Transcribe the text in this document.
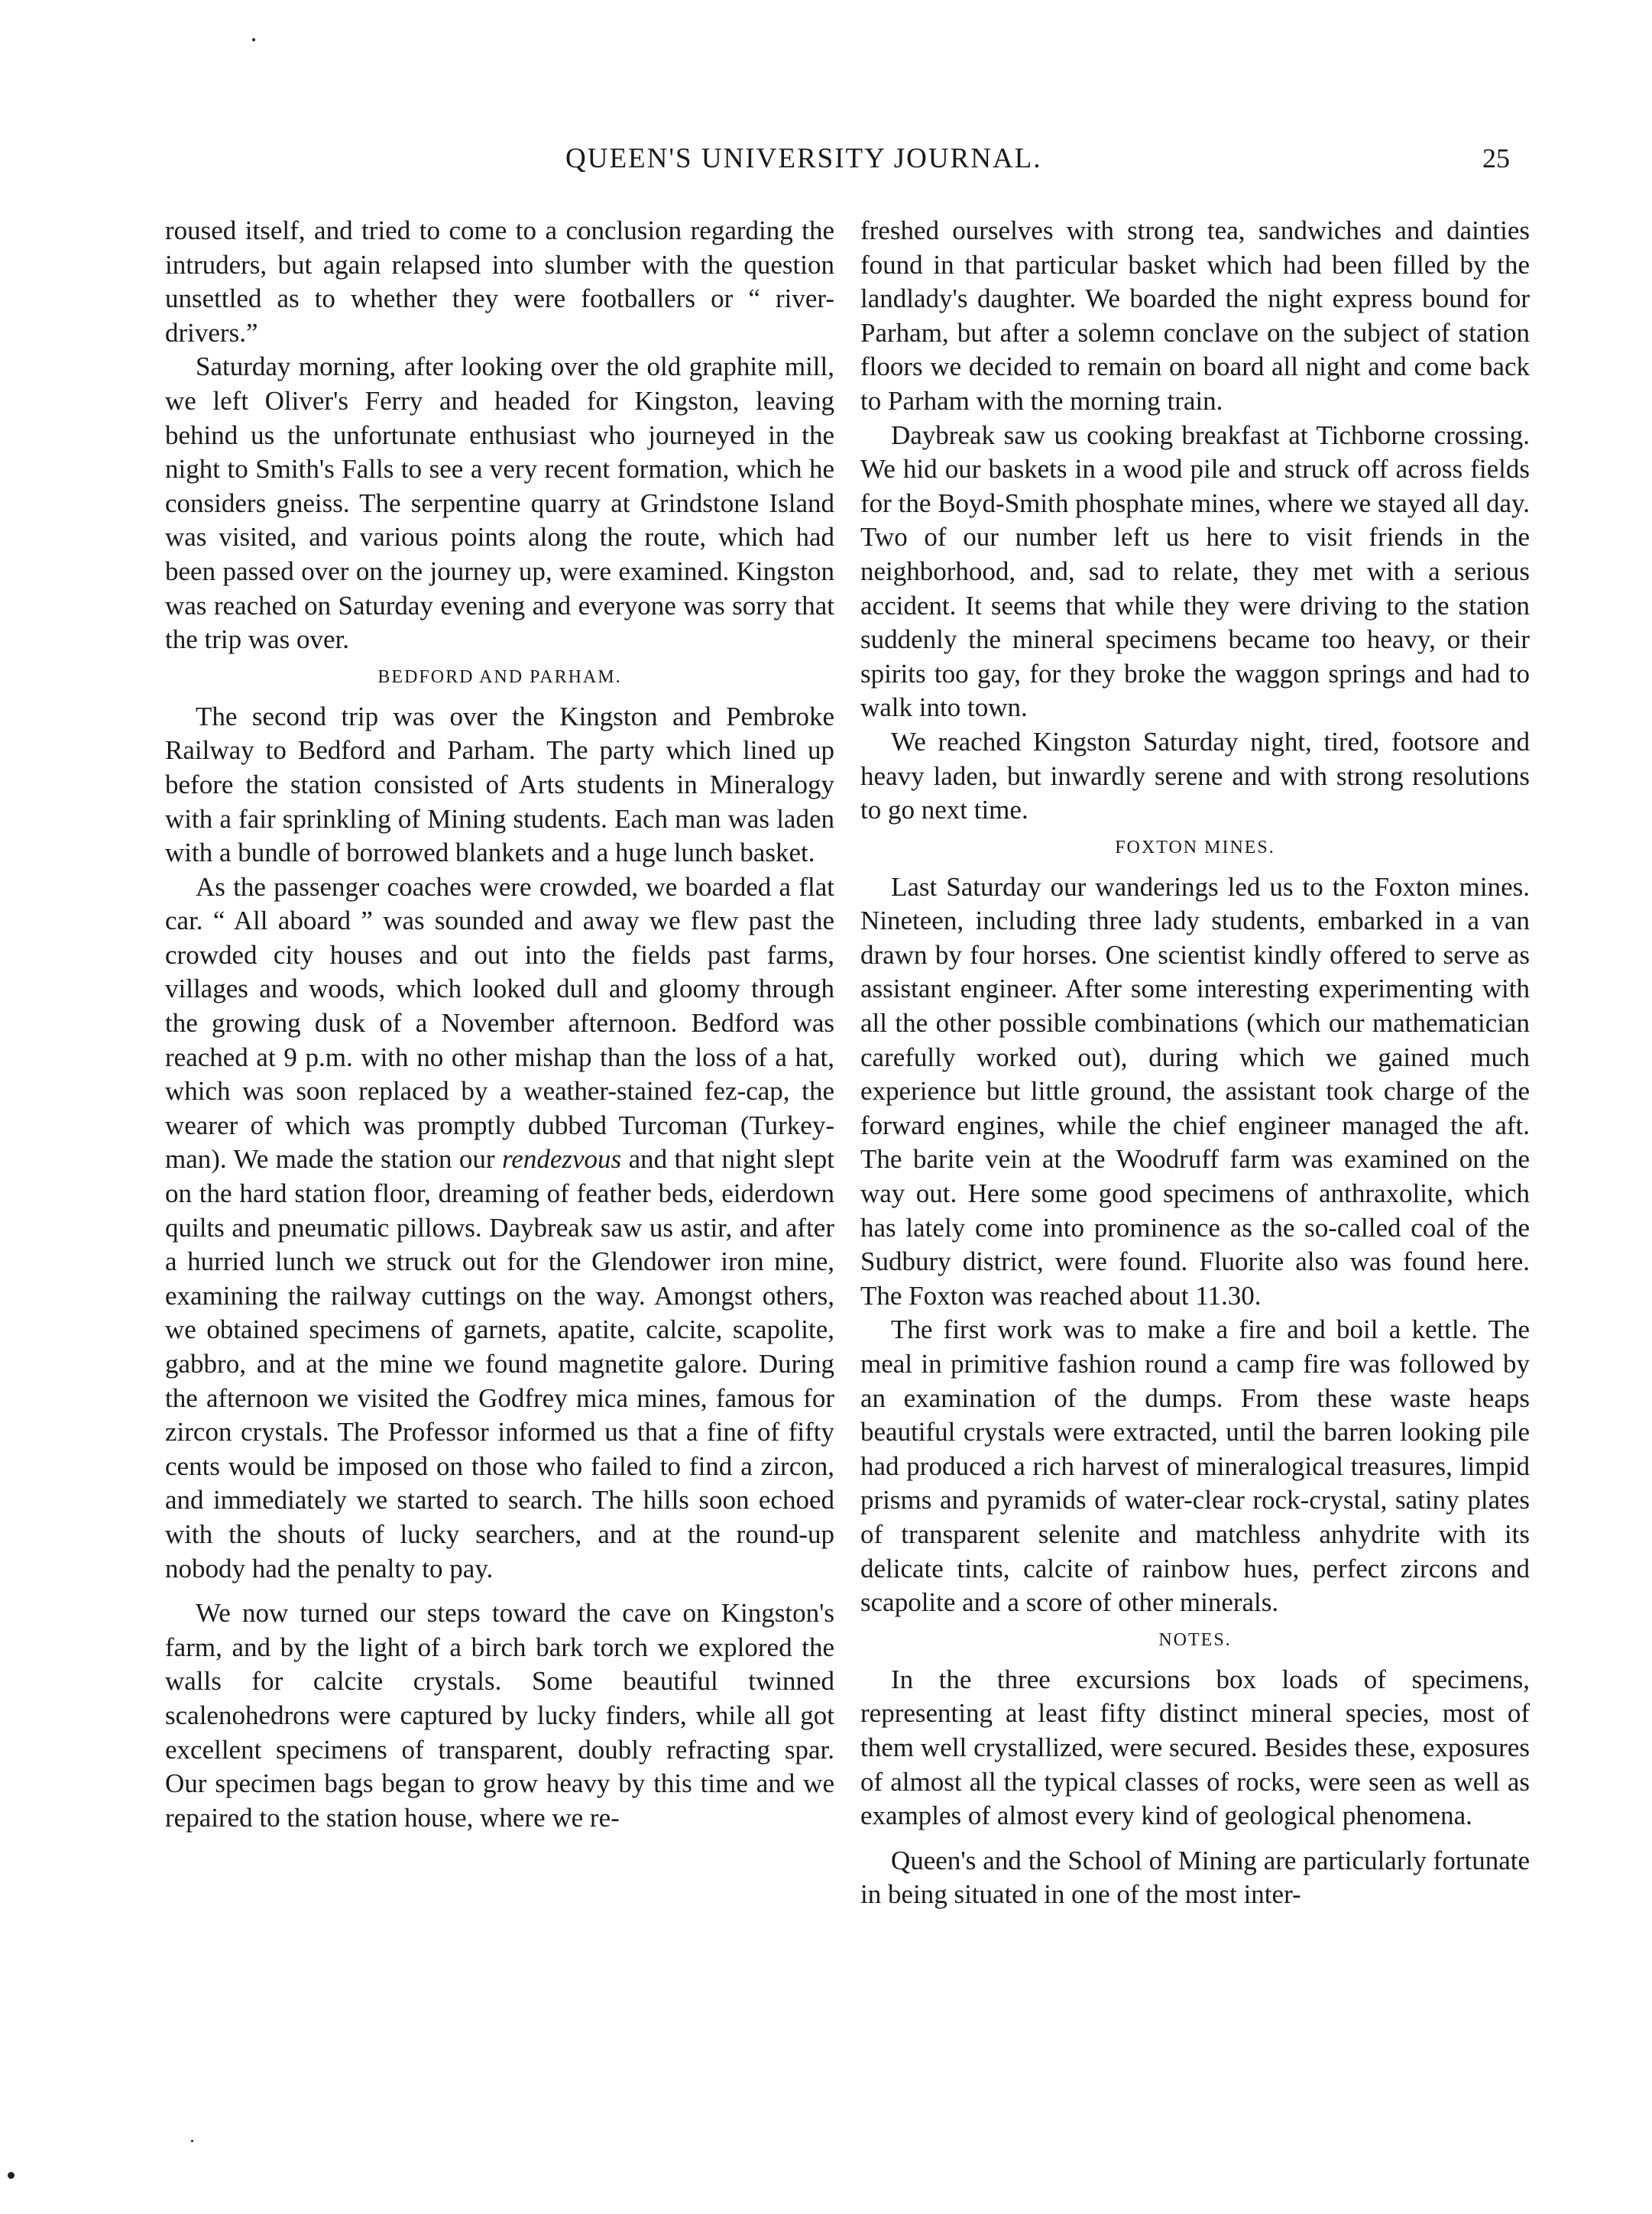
QUEEN'S UNIVERSITY JOURNAL.	25

roused itself, and tried to come to a conclusion regarding the intruders, but again relapsed into slumber with the question unsettled as to whether they were footballers or “ river-drivers.”

Saturday morning, after looking over the old graphite mill, we left Oliver's Ferry and headed for Kingston, leaving behind us the unfortunate enthusiast who journeyed in the night to Smith's Falls to see a very recent formation, which he considers gneiss. The serpentine quarry at Grindstone Island was visited, and various points along the route, which had been passed over on the journey up, were examined. Kingston was reached on Saturday evening and everyone was sorry that the trip was over.

BEDFORD AND PARHAM.

The second trip was over the Kingston and Pembroke Railway to Bedford and Parham. The party which lined up before the station consisted of Arts students in Mineralogy with a fair sprinkling of Mining students. Each man was laden with a bundle of borrowed blankets and a huge lunch basket.

As the passenger coaches were crowded, we boarded a flat car. “ All aboard ” was sounded and away we flew past the crowded city houses and out into the fields past farms, villages and woods, which looked dull and gloomy through the growing dusk of a November afternoon. Bedford was reached at 9 p.m. with no other mishap than the loss of a hat, which was soon replaced by a weather-stained fez-cap, the wearer of which was promptly dubbed Turcoman (Turkey-man). We made the station our rendezvous and that night slept on the hard station floor, dreaming of feather beds, eiderdown quilts and pneumatic pillows. Daybreak saw us astir, and after a hurried lunch we struck out for the Glendower iron mine, examining the railway cuttings on the way. Amongst others, we obtained specimens of garnets, apatite, calcite, scapolite, gabbro, and at the mine we found magnetite galore. During the afternoon we visited the Godfrey mica mines, famous for zircon crystals. The Professor informed us that a fine of fifty cents would be imposed on those who failed to find a zircon, and immediately we started to search. The hills soon echoed with the shouts of lucky searchers, and at the round-up nobody had the penalty to pay.

We now turned our steps toward the cave on Kingston's farm, and by the light of a birch bark torch we explored the walls for calcite crystals. Some beautiful twinned scalenohedrons were captured by lucky finders, while all got excellent specimens of transparent, doubly refracting spar. Our specimen bags began to grow heavy by this time and we repaired to the station house, where we re-

freshed ourselves with strong tea, sandwiches and dainties found in that particular basket which had been filled by the landlady's daughter. We boarded the night express bound for Parham, but after a solemn conclave on the subject of station floors we decided to remain on board all night and come back to Parham with the morning train.

Daybreak saw us cooking breakfast at Tichborne crossing. We hid our baskets in a wood pile and struck off across fields for the Boyd-Smith phosphate mines, where we stayed all day. Two of our number left us here to visit friends in the neighborhood, and, sad to relate, they met with a serious accident. It seems that while they were driving to the station suddenly the mineral specimens became too heavy, or their spirits too gay, for they broke the waggon springs and had to walk into town.

We reached Kingston Saturday night, tired, footsore and heavy laden, but inwardly serene and with strong resolutions to go next time.

FOXTON MINES.

Last Saturday our wanderings led us to the Foxton mines. Nineteen, including three lady students, embarked in a van drawn by four horses. One scientist kindly offered to serve as assistant engineer. After some interesting experimenting with all the other possible combinations (which our mathematician carefully worked out), during which we gained much experience but little ground, the assistant took charge of the forward engines, while the chief engineer managed the aft. The barite vein at the Woodruff farm was examined on the way out. Here some good specimens of anthraxolite, which has lately come into prominence as the so-called coal of the Sudbury district, were found. Fluorite also was found here. The Foxton was reached about 11.30.

The first work was to make a fire and boil a kettle. The meal in primitive fashion round a camp fire was followed by an examination of the dumps. From these waste heaps beautiful crystals were extracted, until the barren looking pile had produced a rich harvest of mineralogical treasures, limpid prisms and pyramids of water-clear rock-crystal, satiny plates of transparent selenite and matchless anhydrite with its delicate tints, calcite of rainbow hues, perfect zircons and scapolite and a score of other minerals.

NOTES.

In the three excursions box loads of specimens, representing at least fifty distinct mineral species, most of them well crystallized, were secured. Besides these, exposures of almost all the typical classes of rocks, were seen as well as examples of almost every kind of geological phenomena.

Queen's and the School of Mining are particularly fortunate in being situated in one of the most inter-
